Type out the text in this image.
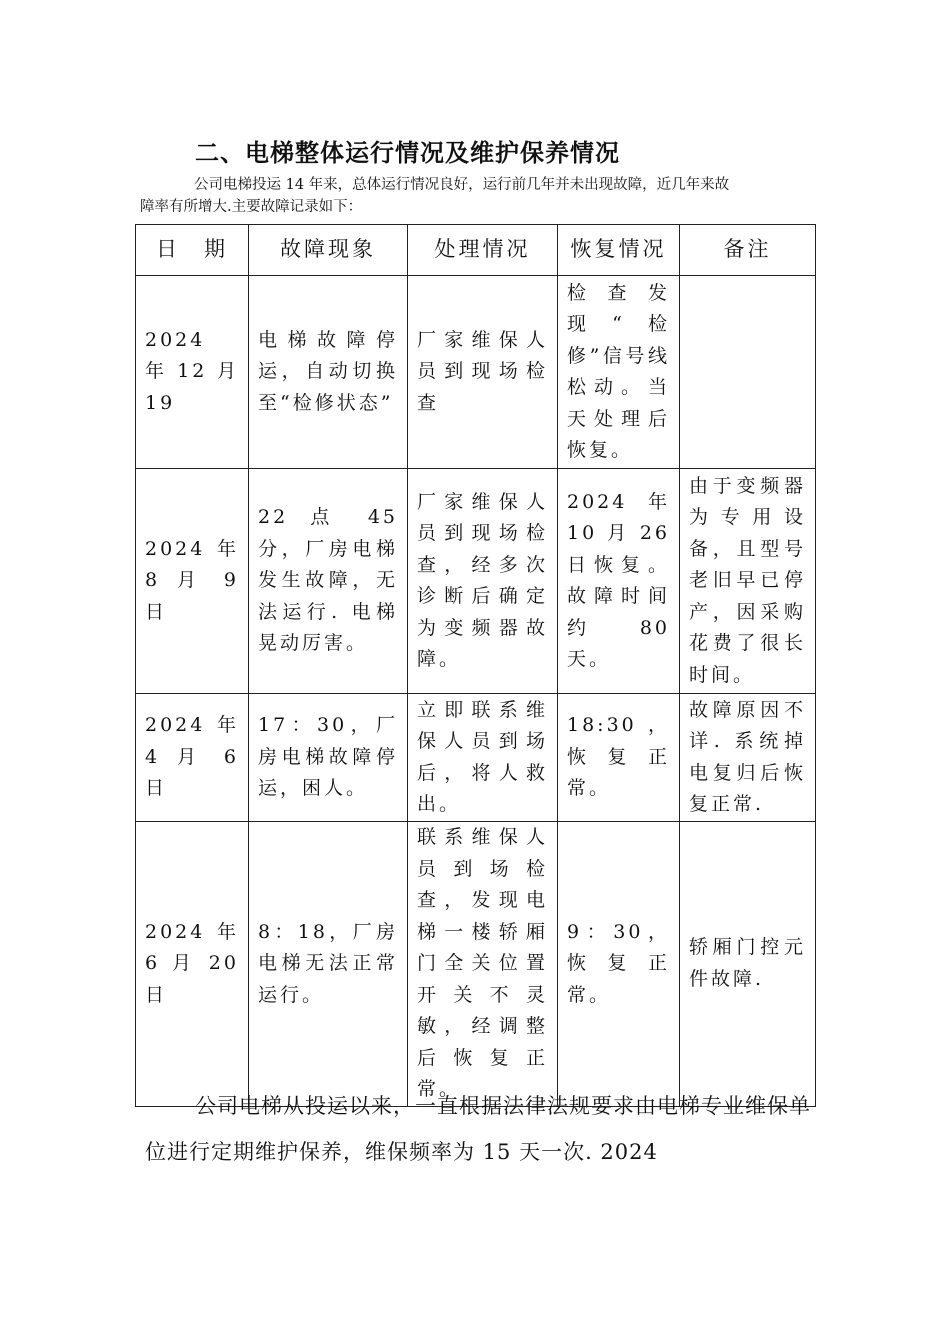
二、电梯整体运行情况及维护保养情况

公司电梯投运 14 年来，总体运行情况良好，运行前几年并未出现故障，近几年来故

障率有所增大.主要故障记录如下：

日　期	故障现象	处理情况	恢复情况	备注
2024　年 12 月 19	电梯故障停运，自动切换至“检修状态”	厂家维保人员到现场检查	检查发现“检修”信号线松动。当天处理后恢复。	
2024 年 8 月 9 日	22 点 45 分，厂房电梯发生故障，无法运行. 电梯晃动厉害。	厂家维保人员到现场检查，经多次诊断后确定为变频器故障。	2024 年 10 月 26 日恢复。故障时间约 80 天。	由于变频器为专用设备，且型号老旧早已停产，因采购花费了很长时间。
2024 年 4 月 6 日	17：30，厂房电梯故障停运，困人。	立即联系维保人员到场后，将人救出。	18:30，恢复正常。	故障原因不详. 系统掉电复归后恢复正常.
2024 年 6 月 20 日	8：18，厂房电梯无法正常运行。	联系维保人员到场检查，发现电梯一楼轿厢门全关位置开关不灵敏，经调整后恢复正常。	9：30，恢复正常。	轿厢门控元件故障.

公司电梯从投运以来，一直根据法律法规要求由电梯专业维保单位进行定期维护保养，维保频率为 15 天一次. 2024
